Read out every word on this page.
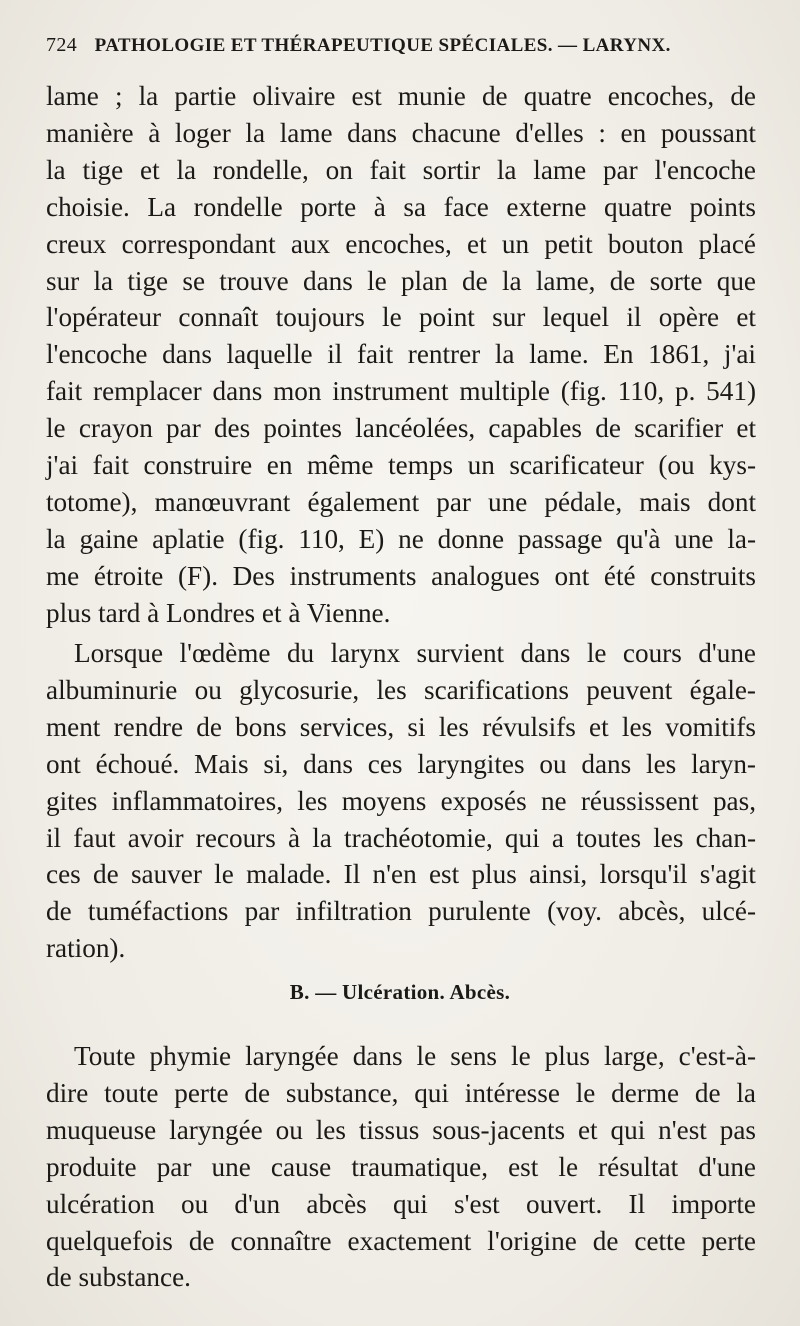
724 PATHOLOGIE ET THÉRAPEUTIQUE SPÉCIALES. — LARYNX.
lame ; la partie olivaire est munie de quatre encoches, de
manière à loger la lame dans chacune d'elles : en poussant
la tige et la rondelle, on fait sortir la lame par l'encoche
choisie. La rondelle porte à sa face externe quatre points
creux correspondant aux encoches, et un petit bouton placé
sur la tige se trouve dans le plan de la lame, de sorte que
l'opérateur connaît toujours le point sur lequel il opère et
l'encoche dans laquelle il fait rentrer la lame. En 1861, j'ai
fait remplacer dans mon instrument multiple (fig. 110, p. 541)
le crayon par des pointes lancéolées, capables de scarifier et
j'ai fait construire en même temps un scarificateur (ou kys-
totome), manœuvrant également par une pédale, mais dont
la gaine aplatie (fig. 110, E) ne donne passage qu'à une la-
me étroite (F). Des instruments analogues ont été construits
plus tard à Londres et à Vienne.
Lorsque l'œdème du larynx survient dans le cours d'une
albuminurie ou glycosurie, les scarifications peuvent égale-
ment rendre de bons services, si les révulsifs et les vomitifs
ont échoué. Mais si, dans ces laryngites ou dans les laryn-
gites inflammatoires, les moyens exposés ne réussissent pas,
il faut avoir recours à la trachéotomie, qui a toutes les chan-
ces de sauver le malade. Il n'en est plus ainsi, lorsqu'il s'agit
de tuméfactions par infiltration purulente (voy. abcès, ulcé-
ration).
B. — Ulcération. Abcès.
Toute phymie laryngée dans le sens le plus large, c'est-à-
dire toute perte de substance, qui intéresse le derme de la
muqueuse laryngée ou les tissus sous-jacents et qui n'est pas
produite par une cause traumatique, est le résultat d'une
ulcération ou d'un abcès qui s'est ouvert. Il importe
quelquefois de connaître exactement l'origine de cette perte
de substance.
